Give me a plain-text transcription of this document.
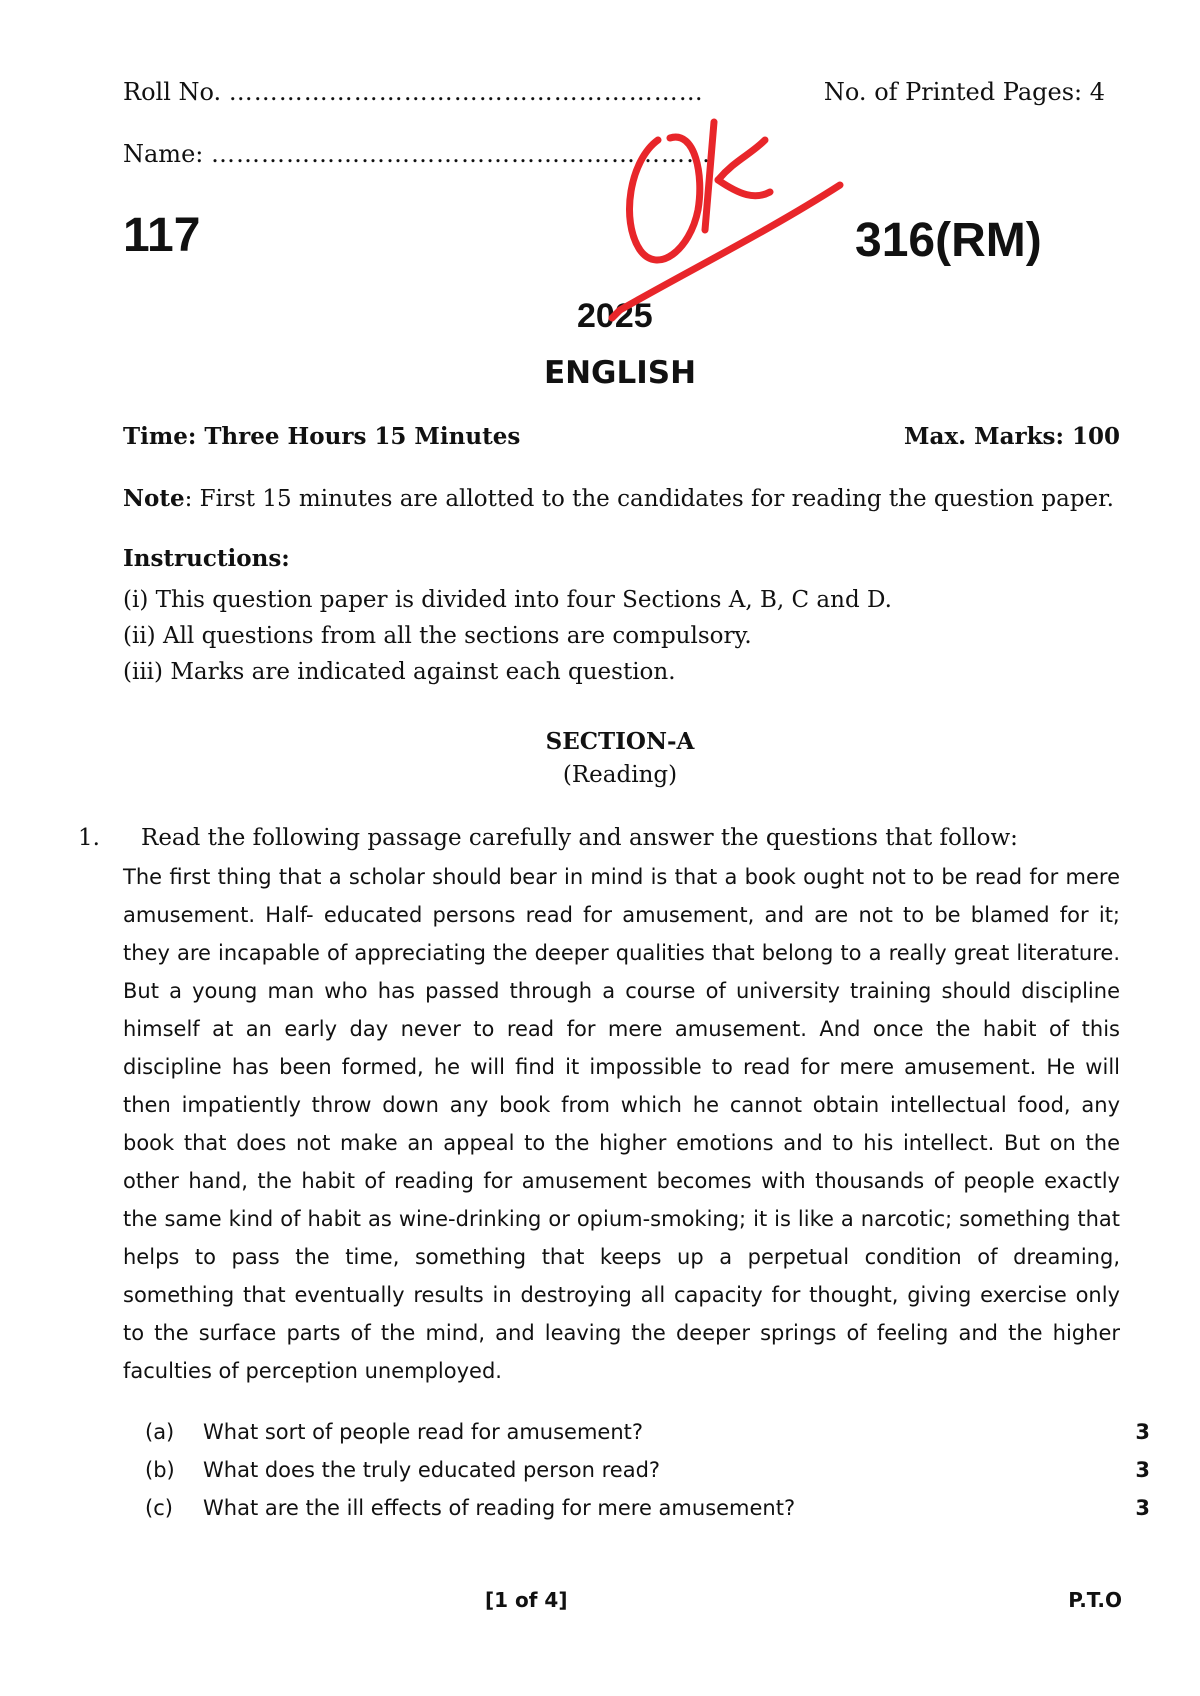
Roll No. …………………………………………………
Name: ……………………………………………………
No. of Printed Pages: 4
117	316(RM)
2025
ENGLISH
Time: Three Hours 15 Minutes	Max. Marks: 100
Note: First 15 minutes are allotted to the candidates for reading the question paper.
Instructions:
(i) This question paper is divided into four Sections A, B, C and D.
(ii) All questions from all the sections are compulsory.
(iii) Marks are indicated against each question.
SECTION-A
(Reading)
1. Read the following passage carefully and answer the questions that follow:

The first thing that a scholar should bear in mind is that a book ought not to be read for mere amusement. Half- educated persons read for amusement, and are not to be blamed for it; they are incapable of appreciating the deeper qualities that belong to a really great literature. But a young man who has passed through a course of university training should discipline himself at an early day never to read for mere amusement. And once the habit of this discipline has been formed, he will find it impossible to read for mere amusement. He will then impatiently throw down any book from which he cannot obtain intellectual food, any book that does not make an appeal to the higher emotions and to his intellect. But on the other hand, the habit of reading for amusement becomes with thousands of people exactly the same kind of habit as wine-drinking or opium-smoking; it is like a narcotic; something that helps to pass the time, something that keeps up a perpetual condition of dreaming, something that eventually results in destroying all capacity for thought, giving exercise only to the surface parts of the mind, and leaving the deeper springs of feeling and the higher faculties of perception unemployed.

(a)	What sort of people read for amusement?	3
(b)	What does the truly educated person read?	3
(c)	What are the ill effects of reading for mere amusement?	3
[1 of 4]	P.T.O
